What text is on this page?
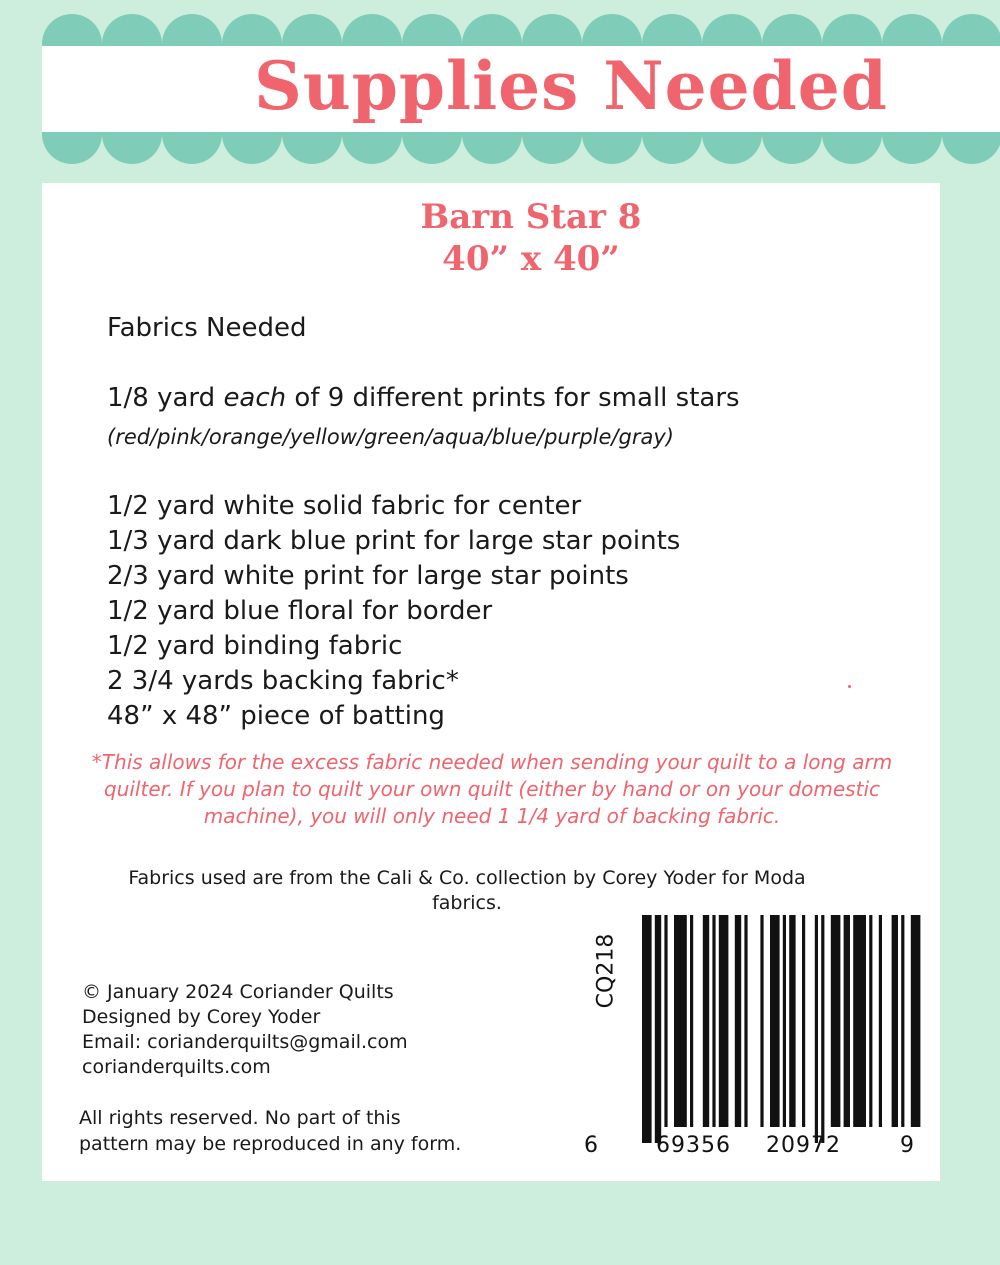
Supplies Needed
Barn Star 8
40” x 40”
Fabrics Needed
1/8 yard each of 9 different prints for small stars
(red/pink/orange/yellow/green/aqua/blue/purple/gray)
1/2 yard white solid fabric for center
1/3 yard dark blue print for large star points
2/3 yard white print for large star points
1/2 yard blue floral for border
1/2 yard binding fabric
2 3/4 yards backing fabric*
48” x 48” piece of batting
*This allows for the excess fabric needed when sending your quilt to a long arm quilter. If you plan to quilt your own quilt (either by hand or on your domestic machine), you will only need 1 1/4 yard of backing fabric.
Fabrics used are from the Cali & Co. collection by Corey Yoder for Moda fabrics.
© January 2024 Coriander Quilts
Designed by Corey Yoder
Email: corianderquilts@gmail.com
corianderquilts.com
All rights reserved. No part of this
pattern may be reproduced in any form.
CQ218
6	69356 20972	9
